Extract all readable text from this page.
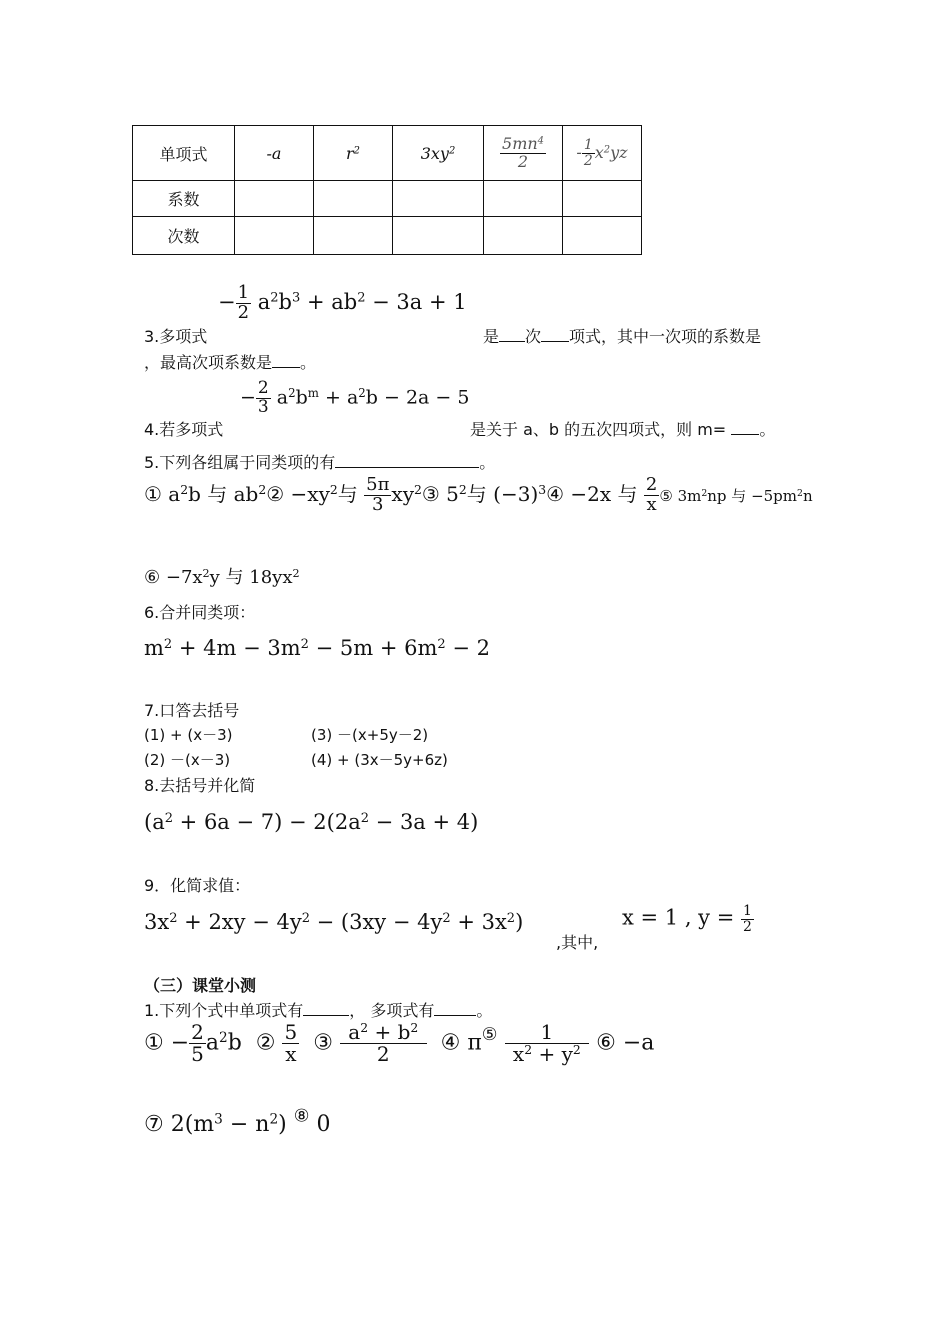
单项式	-a	$r^2$	$3xy^2$	$\frac{5mn^4}{2}$	- $\frac{1}{2} x^2yz$
系数					
次数					
− $\frac{1}{2} a^2b^3 + ab^2 - 3a + 1$
3.多项式	是 次 项式，其中一次项的系数是
，最高次项系数是 。
− $\frac{2}{3} a^2b^m + a^2b - 2a - 5$
4.若多项式	是关于 a、b 的五次四项式，则 m= 。
5.下列各组属于同类项的有	。
① $a^2b$ 与 $ab^2② -xy^2$与 $\frac{5\pi}{3}$ $xy^2③$ $5^2$与 $(-3)^3④ -2x$ 与 $\frac{2}{x}$ ⑤ $3m^2np$ 与 $-5pm^2n$
⑥ $-7x^2y$ 与 $18yx^2$
6.合并同类项：
$m^2 + 4m - 3m^2 - 5m + 6m^2 - 2$
7.口答去括号
(1) + (x－3)	(3) －(x+5y－2)
(2) －(x－3)	(4) + (3x－5y+6z)
8.去括号并化简
$(a^2 + 6a - 7) - 2(2a^2 - 3a + 4)$
9．化简求值：
$3x^2 + 2xy - 4y^2 - (3xy - 4y^2 + 3x^2)$
,其中,
x = 1 , $y = \frac{1}{2}$
（三）课堂小测
1.下列个式中单项式有	， 多项式有	。
① − $\frac{2}{5} a^2b$  ② $\frac{5}{x}$ ③ $\frac{a^2 + b^2}{2}$ ④ $\pi^⑤ \frac{1}{x^2 + y^2}$ ⑥ −a
⑦ $2(m^3 - n^2)$ ⑧ 0
